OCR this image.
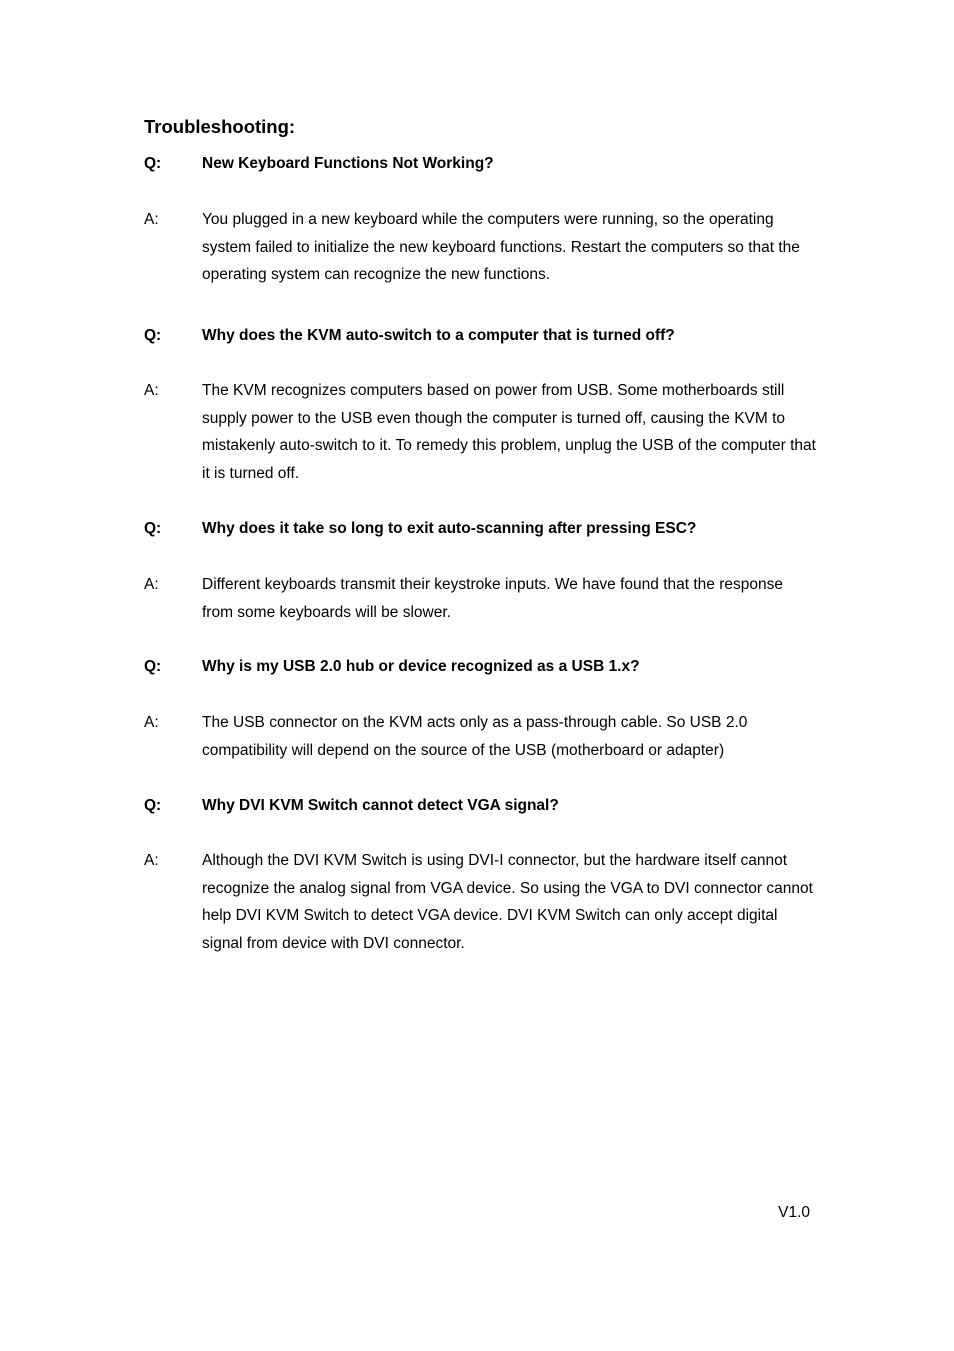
Troubleshooting:
Q:	New Keyboard Functions Not Working?
A:	You plugged in a new keyboard while the computers were running, so the operating system failed to initialize the new keyboard functions. Restart the computers so that the operating system can recognize the new functions.
Q:	Why does the KVM auto-switch to a computer that is turned off?
A:	The KVM recognizes computers based on power from USB. Some motherboards still supply power to the USB even though the computer is turned off, causing the KVM to mistakenly auto-switch to it. To remedy this problem, unplug the USB of the computer that it is turned off.
Q:	Why does it take so long to exit auto-scanning after pressing ESC?
A:	Different keyboards transmit their keystroke inputs. We have found that the response from some keyboards will be slower.
Q:	Why is my USB 2.0 hub or device recognized as a USB 1.x?
A:	The USB connector on the KVM acts only as a pass-through cable. So USB 2.0 compatibility will depend on the source of the USB (motherboard or adapter)
Q:	Why DVI KVM Switch cannot detect VGA signal?
A:	Although the DVI KVM Switch is using DVI-I connector, but the hardware itself cannot recognize the analog signal from VGA device. So using the VGA to DVI connector cannot help DVI KVM Switch to detect VGA device. DVI KVM Switch can only accept digital signal from device with DVI connector.
V1.0
